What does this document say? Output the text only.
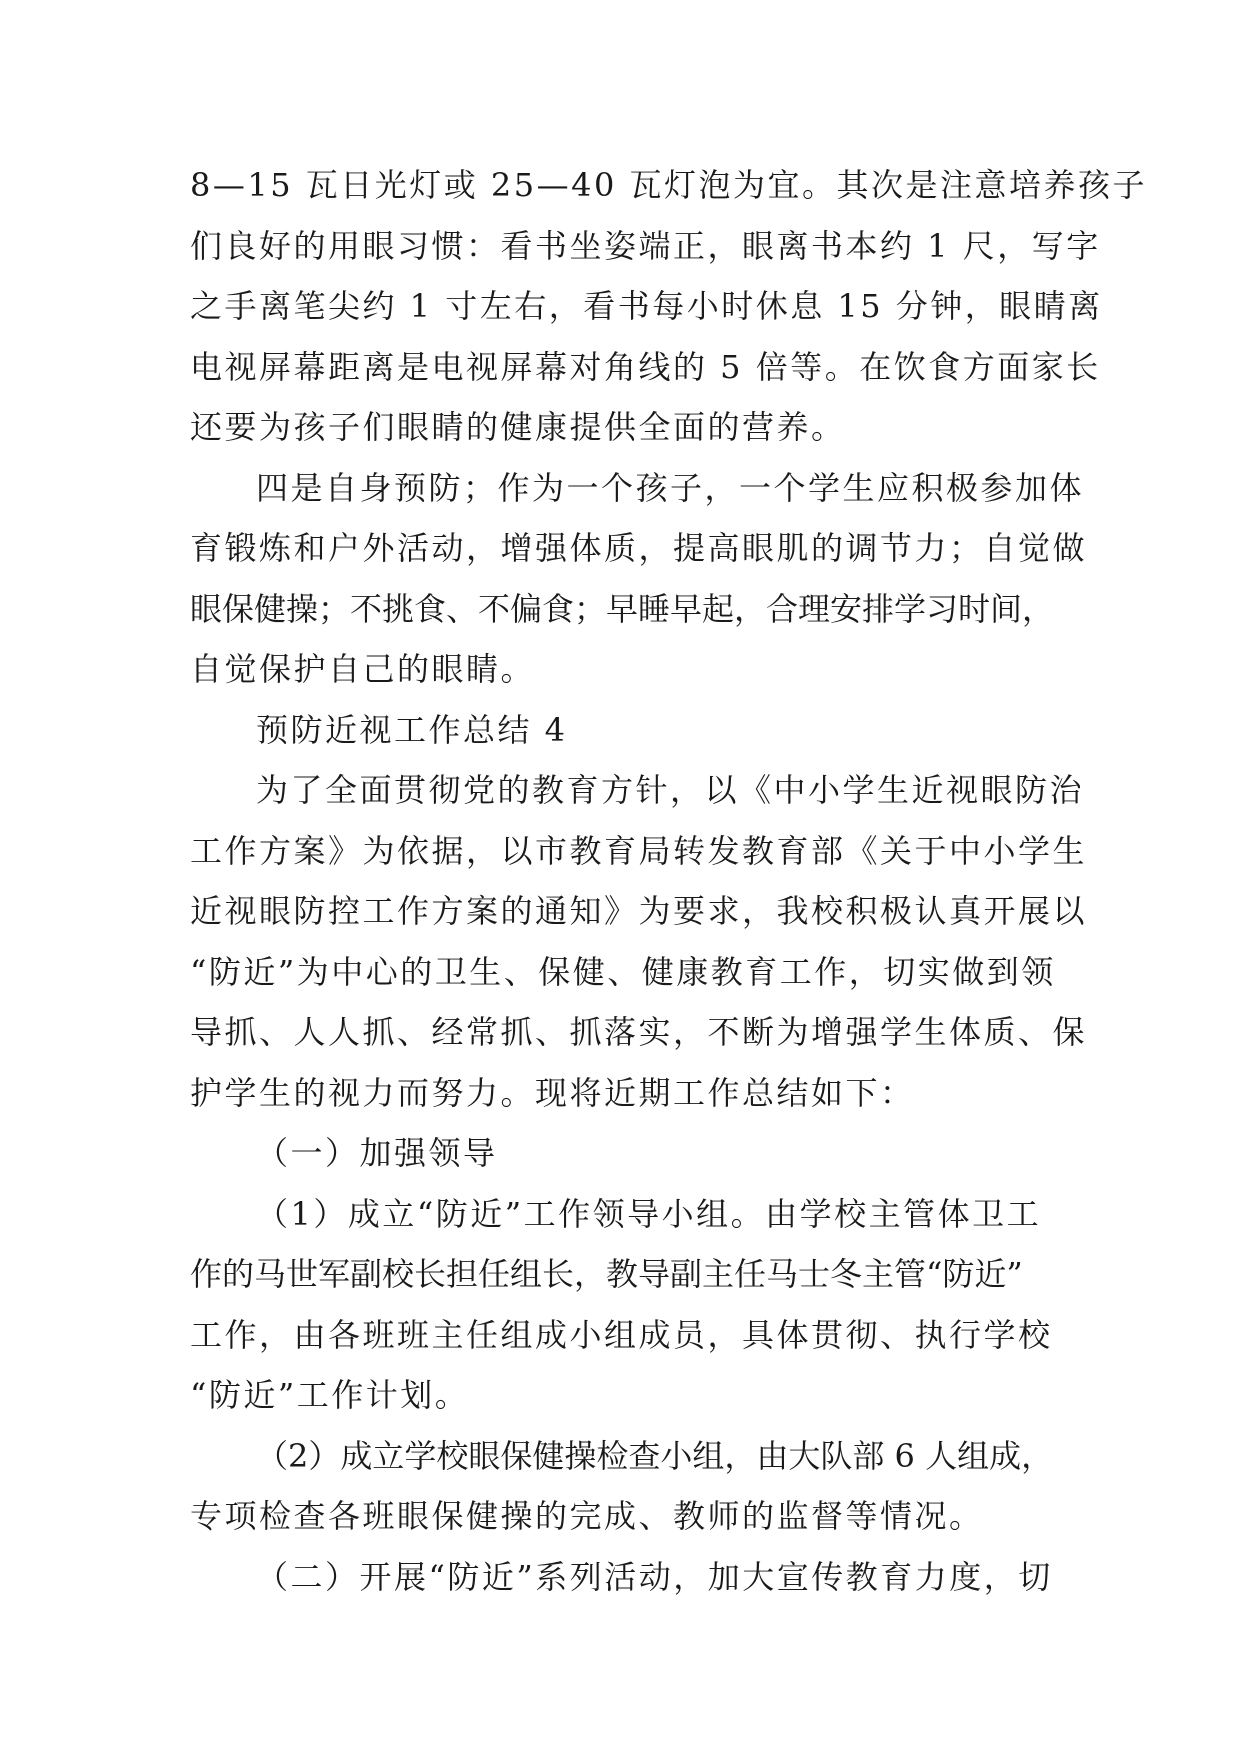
8—15 瓦日光灯或 25—40 瓦灯泡为宜。其次是注意培养孩子
们良好的用眼习惯：看书坐姿端正，眼离书本约 1 尺，写字
之手离笔尖约 1 寸左右，看书每小时休息 15 分钟，眼睛离
电视屏幕距离是电视屏幕对角线的 5 倍等。在饮食方面家长
还要为孩子们眼睛的健康提供全面的营养。
四是自身预防；作为一个孩子，一个学生应积极参加体
育锻炼和户外活动，增强体质，提高眼肌的调节力；自觉做
眼保健操；不挑食、不偏食；早睡早起，合理安排学习时间，
自觉保护自己的眼睛。
预防近视工作总结 4
为了全面贯彻党的教育方针，以《中小学生近视眼防治
工作方案》为依据，以市教育局转发教育部《关于中小学生
近视眼防控工作方案的通知》为要求，我校积极认真开展以
“防近”为中心的卫生、保健、健康教育工作，切实做到领
导抓、人人抓、经常抓、抓落实，不断为增强学生体质、保
护学生的视力而努力。现将近期工作总结如下：
（一）加强领导
（1）成立“防近”工作领导小组。由学校主管体卫工
作的马世军副校长担任组长，教导副主任马士冬主管“防近”
工作，由各班班主任组成小组成员，具体贯彻、执行学校
“防近”工作计划。
（2）成立学校眼保健操检查小组，由大队部 6 人组成，
专项检查各班眼保健操的完成、教师的监督等情况。
（二）开展“防近”系列活动，加大宣传教育力度，切
